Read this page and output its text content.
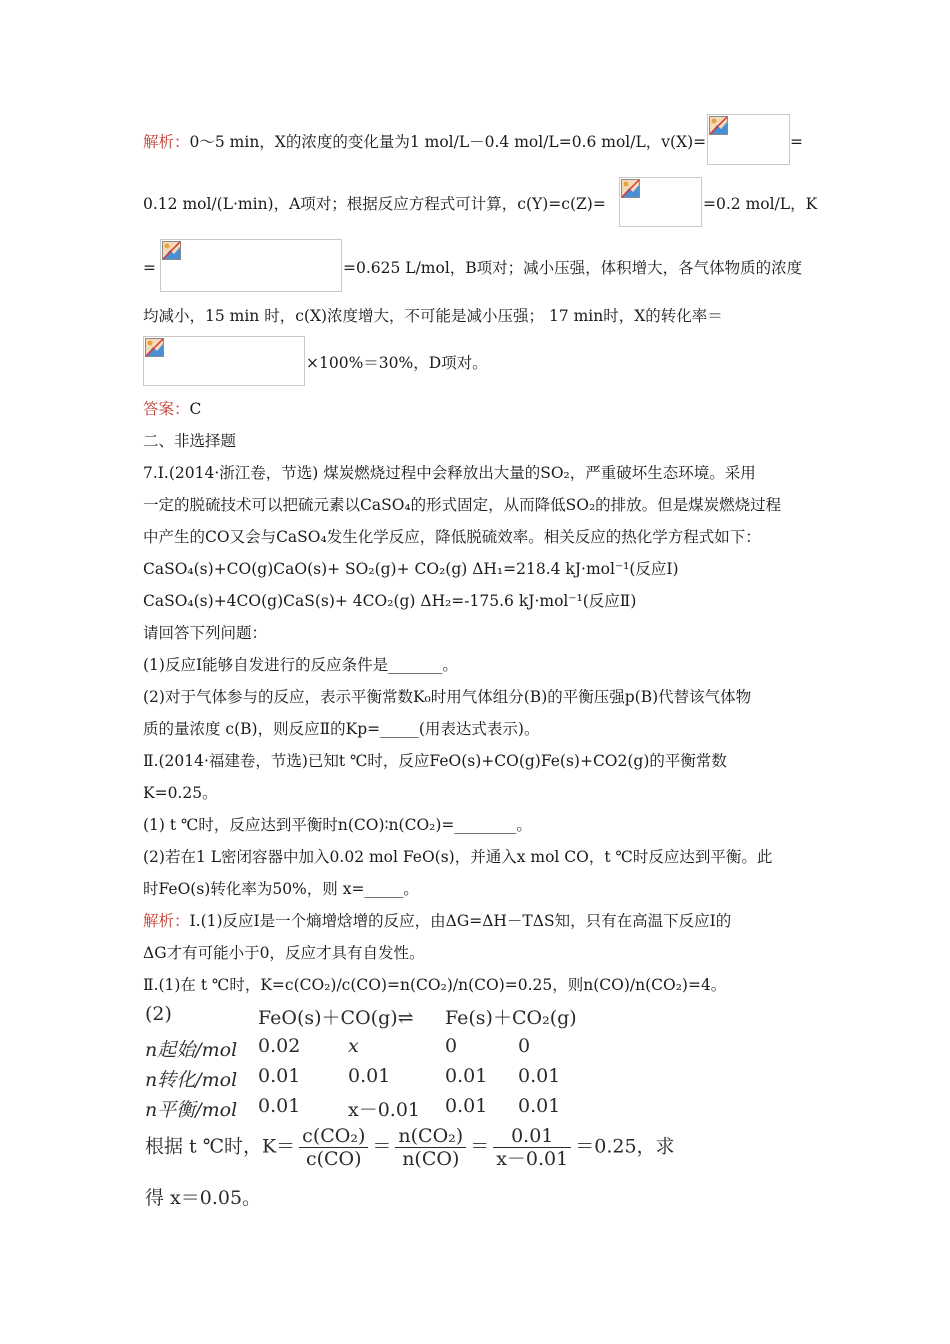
解析：0～5 min，X的浓度的变化量为1 mol/L－0.4 mol/L=0.6 mol/L，v(X)=	=
0.12 mol/(L·min)，A项对；根据反应方程式可计算，c(Y)=c(Z)=	=0.2 mol/L，K
=	=0.625 L/mol，B项对；减小压强，体积增大，各气体物质的浓度
均减小，15 min 时，c(X)浓度增大，不可能是减小压强； 17 min时，X的转化率＝
×100%＝30%，D项对。
答案：C
二、非选择题
7.Ⅰ.(2014·浙江卷，节选) 煤炭燃烧过程中会释放出大量的SO₂，严重破坏生态环境。采用
一定的脱硫技术可以把硫元素以CaSO₄的形式固定，从而降低SO₂的排放。但是煤炭燃烧过程
中产生的CO又会与CaSO₄发生化学反应，降低脱硫效率。相关反应的热化学方程式如下：
CaSO₄(s)+CO(g)CaO(s)+ SO₂(g)+ CO₂(g) ΔH₁=218.4 kJ·mol⁻¹(反应Ⅰ)
CaSO₄(s)+4CO(g)CaS(s)+ 4CO₂(g) ΔH₂=-175.6 kJ·mol⁻¹(反应Ⅱ)
请回答下列问题：
(1)反应Ⅰ能够自发进行的反应条件是_______。
(2)对于气体参与的反应，表示平衡常数K₀时用气体组分(B)的平衡压强p(B)代替该气体物
质的量浓度 c(B)，则反应Ⅱ的Kp=_____(用表达式表示)。
Ⅱ.(2014·福建卷，节选)已知t ℃时，反应FeO(s)+CO(g)Fe(s)+CO2(g)的平衡常数
K=0.25。
(1) t ℃时，反应达到平衡时n(CO)∶n(CO₂)=________。
(2)若在1 L密闭容器中加入0.02 mol FeO(s)，并通入x mol CO，t ℃时反应达到平衡。此
时FeO(s)转化率为50%，则 x=_____。
解析：Ⅰ.(1)反应Ⅰ是一个熵增焓增的反应，由ΔG=ΔH－TΔS知，只有在高温下反应Ⅰ的
ΔG才有可能小于0，反应才具有自发性。
Ⅱ.(1)在 t ℃时，K=c(CO₂)/c(CO)=n(CO₂)/n(CO)=0.25，则n(CO)/n(CO₂)=4。
(2)	FeO(s)＋CO(g)⇌ Fe(s)＋CO₂(g)
n起始/mol 0.02	x	0	0
n转化/mol 0.01	0.01	0.01 0.01
n平衡/mol 0.01	x－0.01 0.01 0.01
根据 t ℃时，$K= \frac{\text{c(CO₂)}}{c(CO)} = \frac{\text{n(CO₂)}}{n(CO)} = \frac{0.01}{x-0.01} =0.25$，求
得 x＝0.05。
